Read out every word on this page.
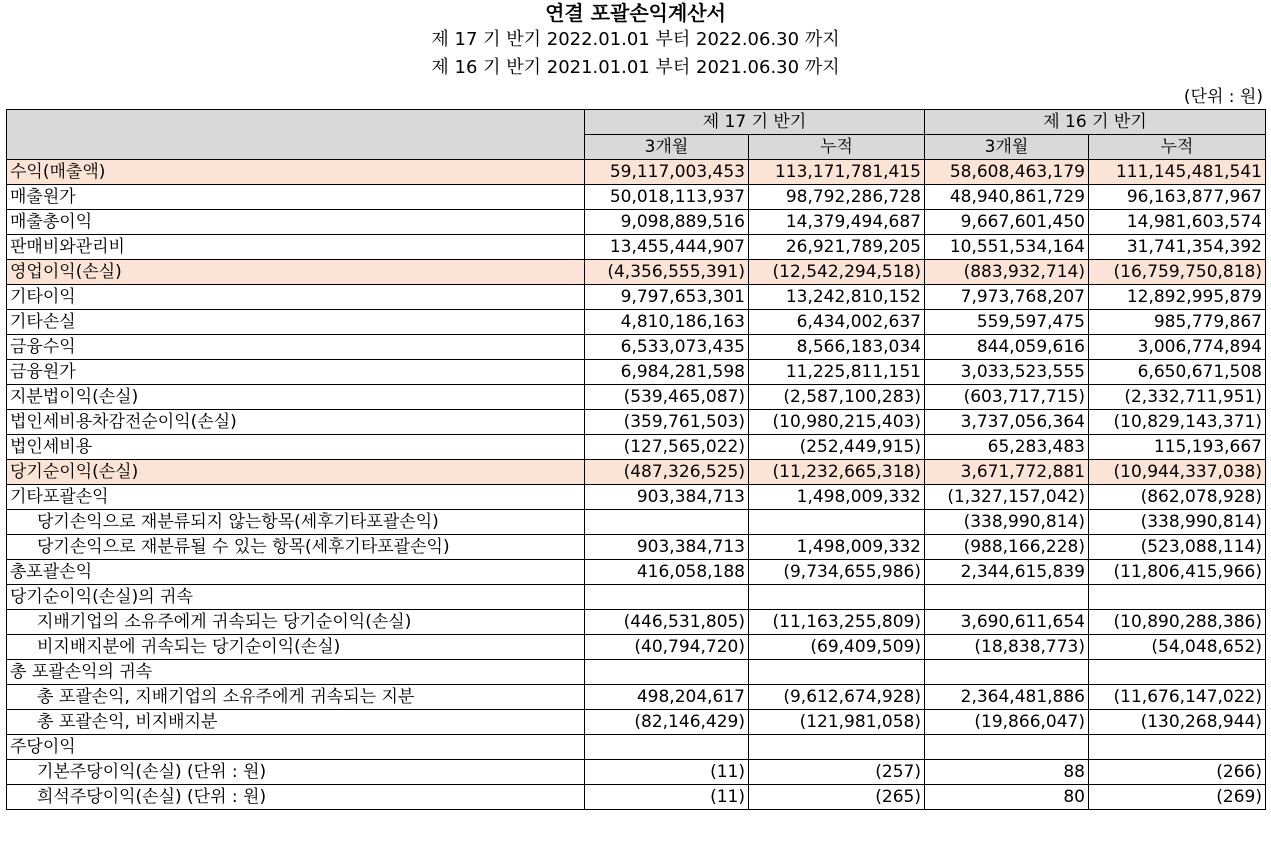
연결 포괄손익계산서
제 17 기 반기 2022.01.01 부터 2022.06.30 까지
제 16 기 반기 2021.01.01 부터 2021.06.30 까지
(단위 : 원)
	제 17 기 반기		제 16 기 반기	
	3개월	누적	3개월	누적
수익(매출액)	59,117,003,453	113,171,781,415	58,608,463,179	111,145,481,541
매출원가	50,018,113,937	98,792,286,728	48,940,861,729	96,163,877,967
매출총이익	9,098,889,516	14,379,494,687	9,667,601,450	14,981,603,574
판매비와관리비	13,455,444,907	26,921,789,205	10,551,534,164	31,741,354,392
영업이익(손실)	(4,356,555,391)	(12,542,294,518)	(883,932,714)	(16,759,750,818)
기타이익	9,797,653,301	13,242,810,152	7,973,768,207	12,892,995,879
기타손실	4,810,186,163	6,434,002,637	559,597,475	985,779,867
금융수익	6,533,073,435	8,566,183,034	844,059,616	3,006,774,894
금융원가	6,984,281,598	11,225,811,151	3,033,523,555	6,650,671,508
지분법이익(손실)	(539,465,087)	(2,587,100,283)	(603,717,715)	(2,332,711,951)
법인세비용차감전순이익(손실)	(359,761,503)	(10,980,215,403)	3,737,056,364	(10,829,143,371)
법인세비용	(127,565,022)	(252,449,915)	65,283,483	115,193,667
당기순이익(손실)	(487,326,525)	(11,232,665,318)	3,671,772,881	(10,944,337,038)
기타포괄손익	903,384,713	1,498,009,332	(1,327,157,042)	(862,078,928)
당기손익으로 재분류되지 않는항목(세후기타포괄손익)			(338,990,814)	(338,990,814)
당기손익으로 재분류될 수 있는 항목(세후기타포괄손익)	903,384,713	1,498,009,332	(988,166,228)	(523,088,114)
총포괄손익	416,058,188	(9,734,655,986)	2,344,615,839	(11,806,415,966)
당기순이익(손실)의 귀속				
지배기업의 소유주에게 귀속되는 당기순이익(손실)	(446,531,805)	(11,163,255,809)	3,690,611,654	(10,890,288,386)
비지배지분에 귀속되는 당기순이익(손실)	(40,794,720)	(69,409,509)	(18,838,773)	(54,048,652)
총 포괄손익의 귀속				
총 포괄손익, 지배기업의 소유주에게 귀속되는 지분	498,204,617	(9,612,674,928)	2,364,481,886	(11,676,147,022)
총 포괄손익, 비지배지분	(82,146,429)	(121,981,058)	(19,866,047)	(130,268,944)
주당이익				
기본주당이익(손실) (단위 : 원)	(11)	(257)	88	(266)
희석주당이익(손실) (단위 : 원)	(11)	(265)	80	(269)
